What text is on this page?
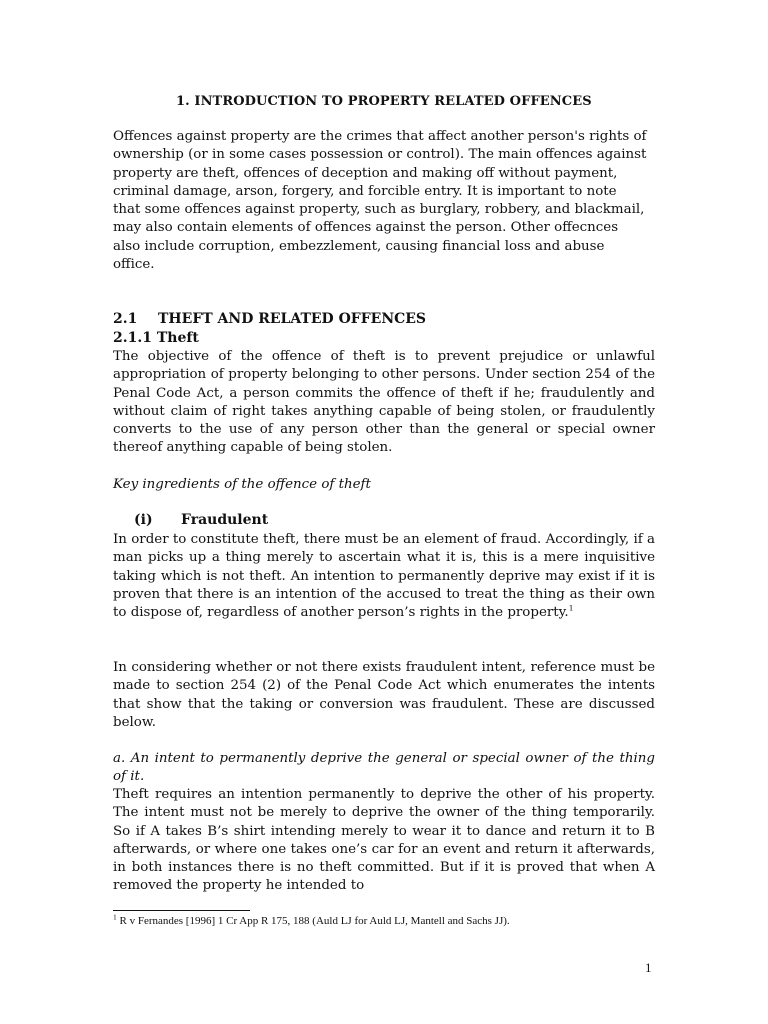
1. INTRODUCTION TO PROPERTY RELATED OFFENCES
Offences against property are the crimes that affect another person's rights of ownership (or in some cases possession or control). The main offences against property are theft, offences of deception and making off without payment, criminal damage, arson, forgery, and forcible entry. It is important to note that some offences against property, such as burglary, robbery, and blackmail, may also contain elements of offences against the person. Other offecnces also include corruption, embezzlement, causing financial loss and abuse office.
2.1 THEFT AND RELATED OFFENCES
2.1.1 Theft
The objective of the offence of theft is to prevent prejudice or unlawful appropriation of property belonging to other persons. Under section 254 of the Penal Code Act, a person commits the offence of theft if he; fraudulently and without claim of right takes anything capable of being stolen, or fraudulently converts to the use of any person other than the general or special owner thereof anything capable of being stolen.
Key ingredients of the offence of theft
(i) Fraudulent
In order to constitute theft, there must be an element of fraud. Accordingly, if a man picks up a thing merely to ascertain what it is, this is a mere inquisitive taking which is not theft. An intention to permanently deprive may exist if it is proven that there is an intention of the accused to treat the thing as their own to dispose of, regardless of another person’s rights in the property.$^1$
In considering whether or not there exists fraudulent intent, reference must be made to section 254 (2) of the Penal Code Act which enumerates the intents that show that the taking or conversion was fraudulent. These are discussed below.
a. An intent to permanently deprive the general or special owner of the thing of it.
Theft requires an intention permanently to deprive the other of his property. The intent must not be merely to deprive the owner of the thing temporarily. So if A takes B’s shirt intending merely to wear it to dance and return it to B afterwards, or where one takes one’s car for an event and return it afterwards, in both instances there is no theft committed. But if it is proved that when A removed the property he intended to
$^1$ R v Fernandes [1996] 1 Cr App R 175, 188 (Auld LJ for Auld LJ, Mantell and Sachs JJ).
1
